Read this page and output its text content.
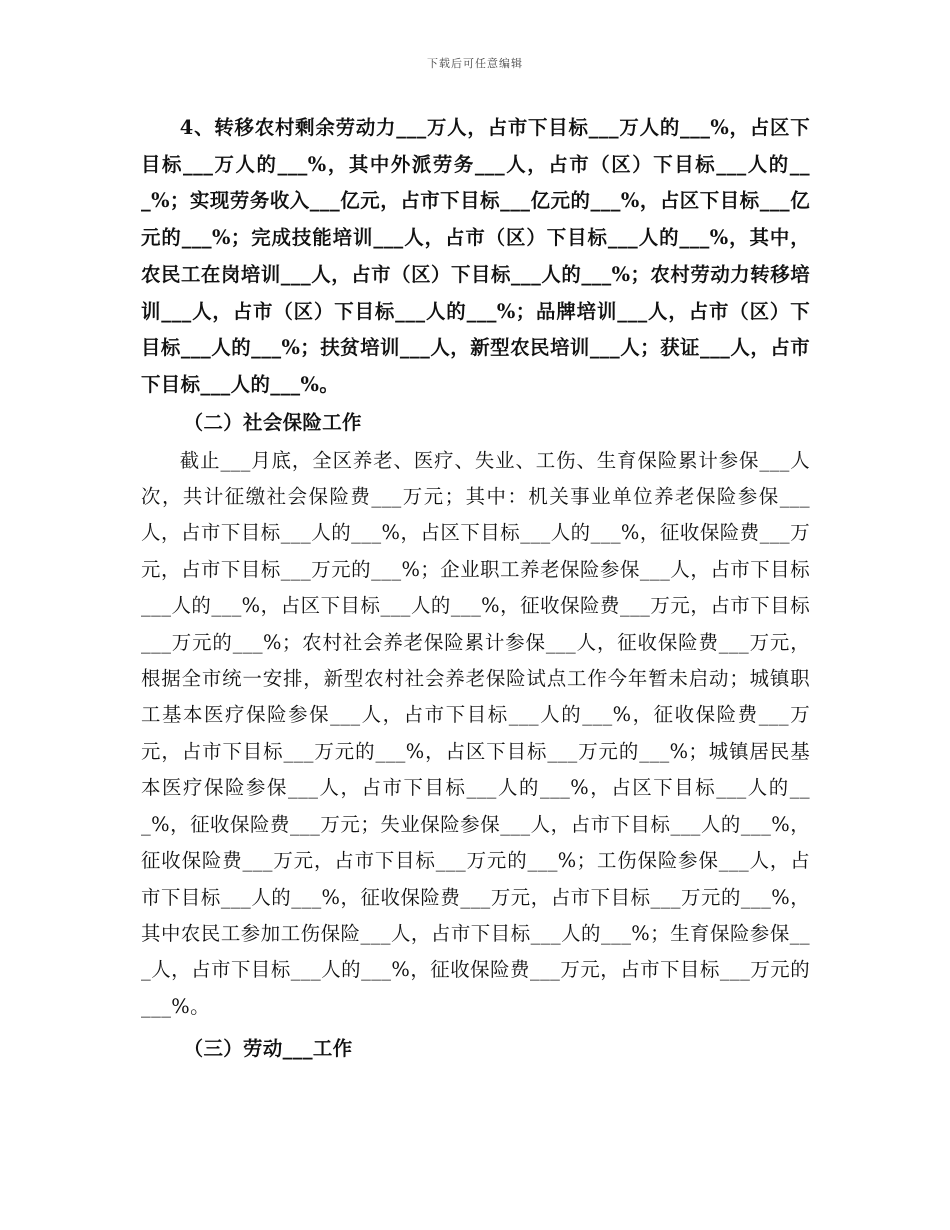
下载后可任意编辑

4、转移农村剩余劳动力___万人，占市下目标___万人的___%，占区下目标___万人的___%，其中外派劳务___人，占市（区）下目标___人的___%；实现劳务收入___亿元，占市下目标___亿元的___%，占区下目标___亿元的___%；完成技能培训___人，占市（区）下目标___人的___%，其中，农民工在岗培训___人，占市（区）下目标___人的___%；农村劳动力转移培训___人，占市（区）下目标___人的___%；品牌培训___人，占市（区）下目标___人的___%；扶贫培训___人，新型农民培训___人；获证___人，占市下目标___人的___%。

（二）社会保险工作

截止___月底，全区养老、医疗、失业、工伤、生育保险累计参保___人次，共计征缴社会保险费___万元；其中：机关事业单位养老保险参保___人，占市下目标___人的___%，占区下目标___人的___%，征收保险费___万元，占市下目标___万元的___%；企业职工养老保险参保___人，占市下目标___人的___%，占区下目标___人的___%，征收保险费___万元，占市下目标___万元的___%；农村社会养老保险累计参保___人，征收保险费___万元，根据全市统一安排，新型农村社会养老保险试点工作今年暂未启动；城镇职工基本医疗保险参保___人，占市下目标___人的___%，征收保险费___万元，占市下目标___万元的___%，占区下目标___万元的___%；城镇居民基本医疗保险参保___人，占市下目标___人的___%，占区下目标___人的___%，征收保险费___万元；失业保险参保___人，占市下目标___人的___%，征收保险费___万元，占市下目标___万元的___%；工伤保险参保___人，占市下目标___人的___%，征收保险费___万元，占市下目标___万元的___%，其中农民工参加工伤保险___人，占市下目标___人的___%；生育保险参保___人，占市下目标___人的___%，征收保险费___万元，占市下目标___万元的___%。

（三）劳动___工作
